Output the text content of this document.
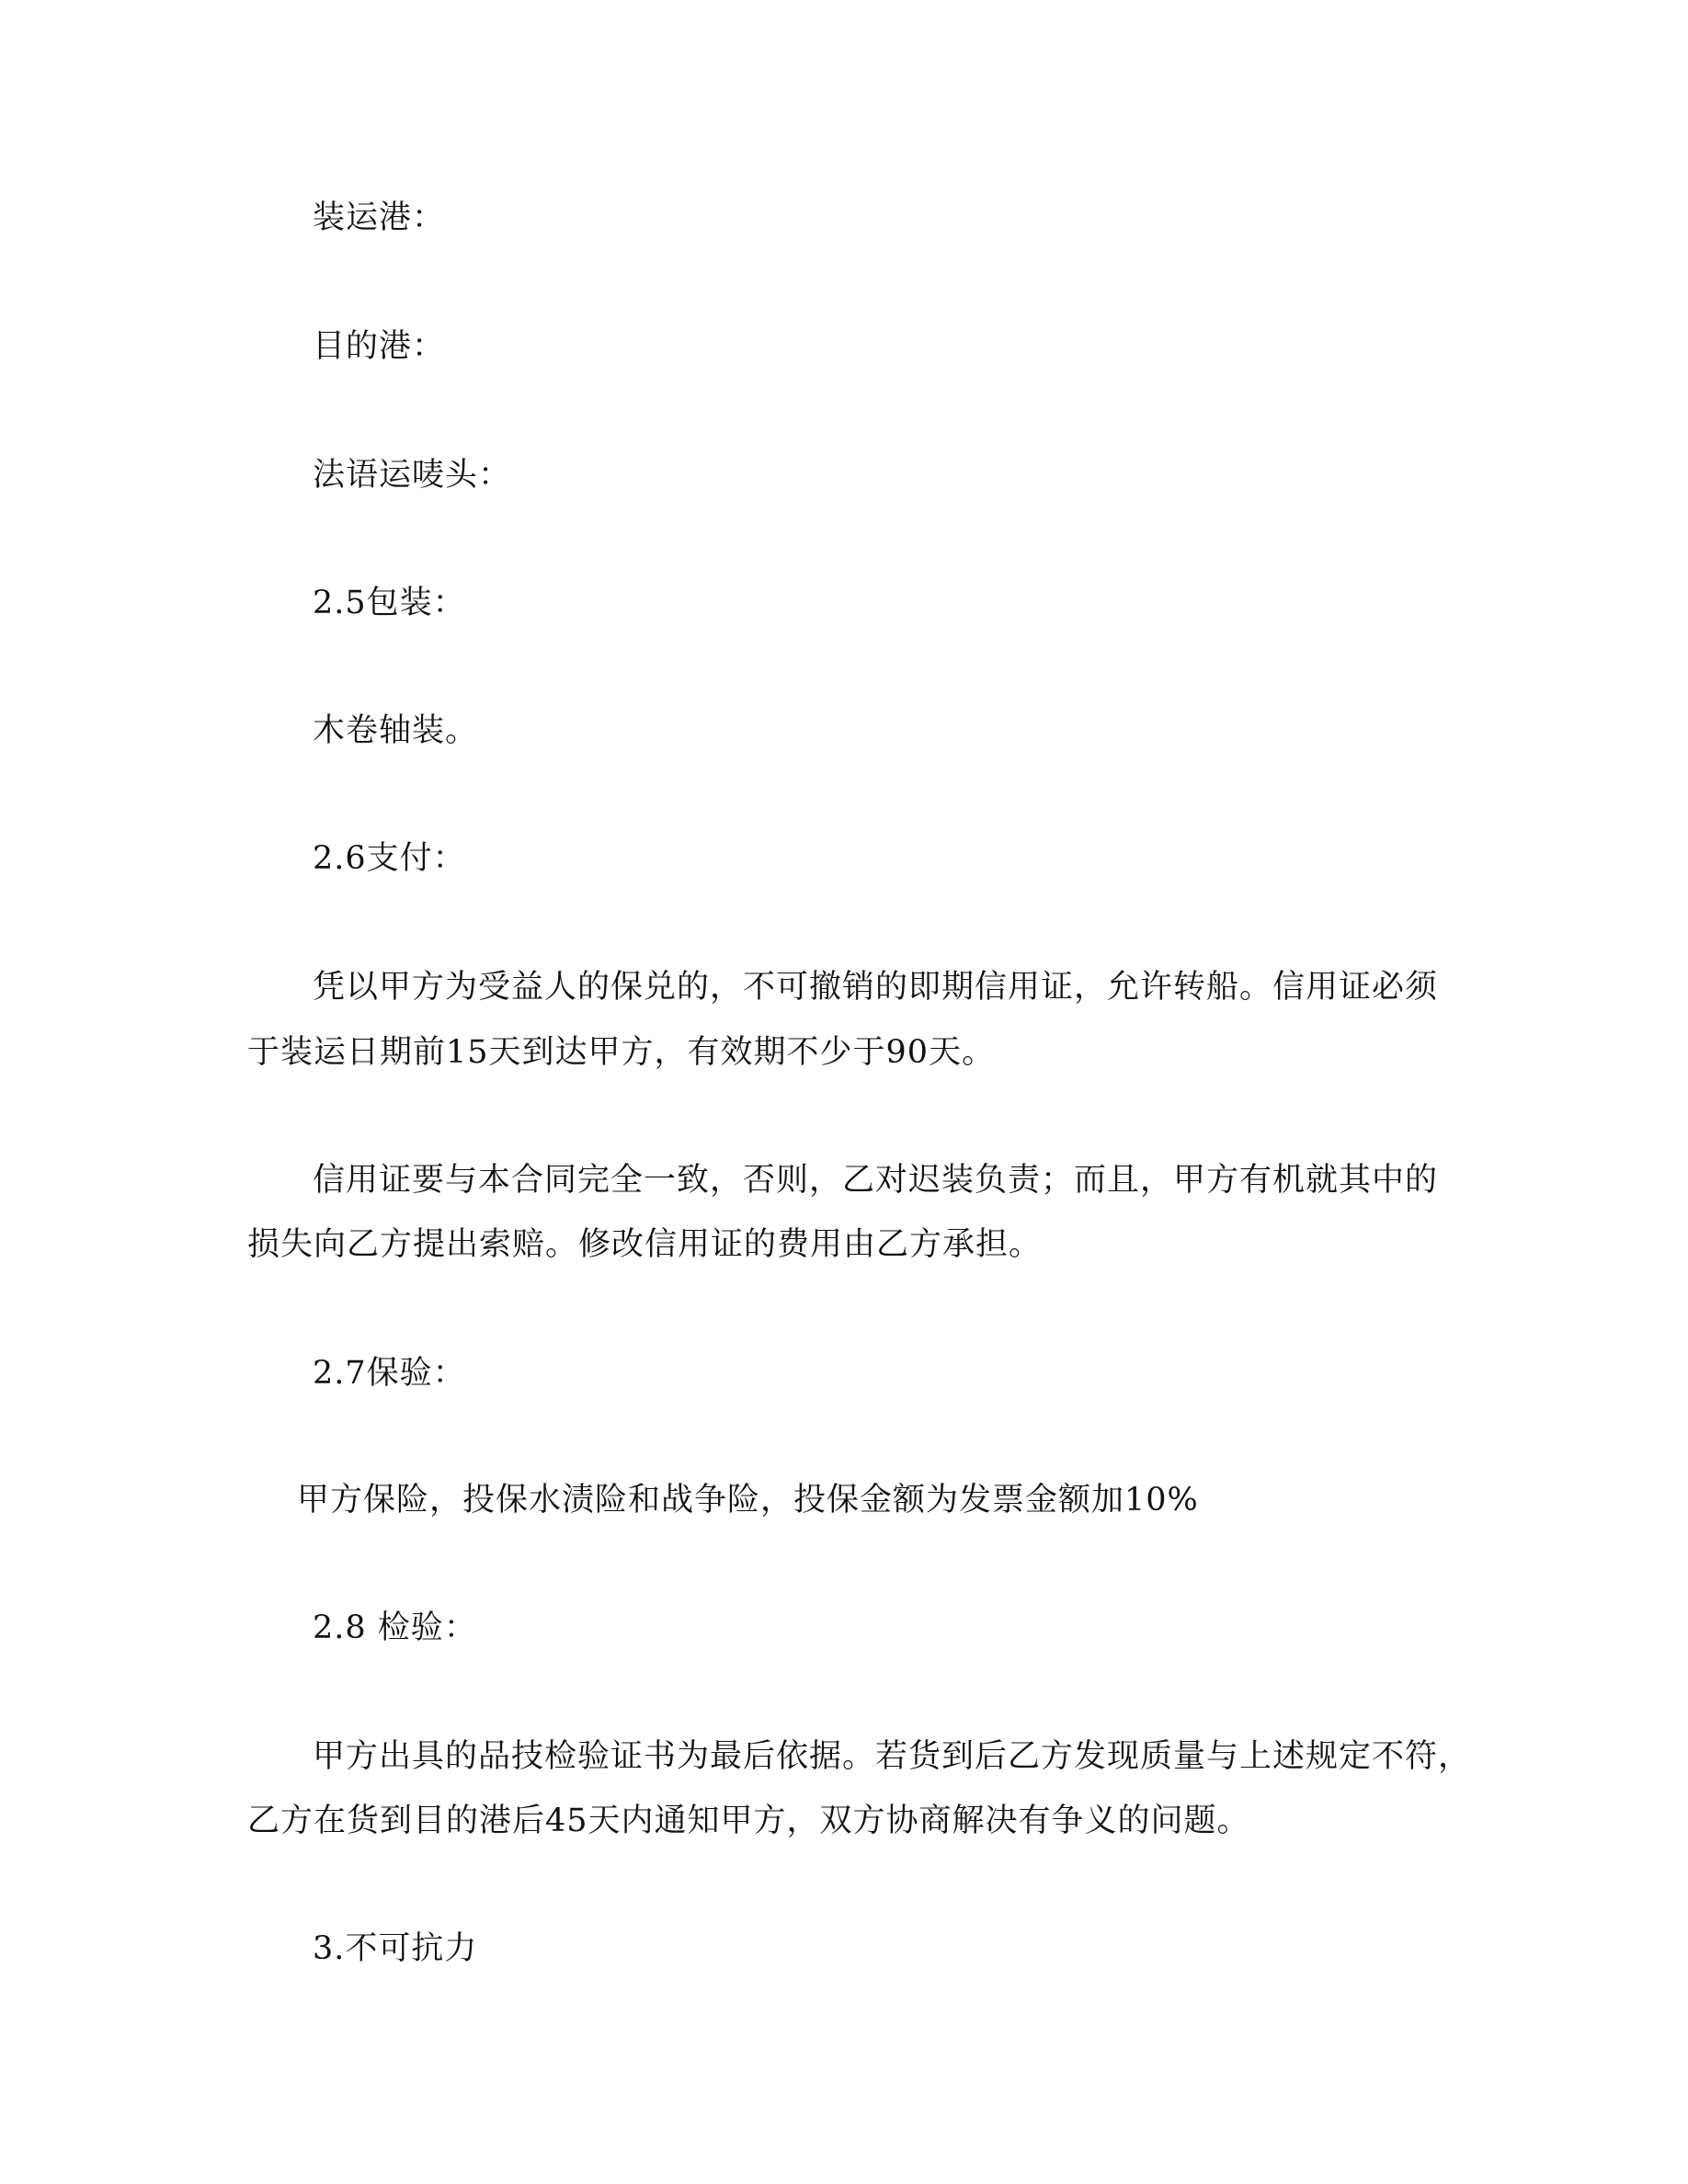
装运港：
目的港：
法语运唛头：
2.5包装：
木卷轴装。
2.6支付：
凭以甲方为受益人的保兑的，不可撤销的即期信用证，允许转船。信用证必须
于装运日期前15天到达甲方，有效期不少于90天。
信用证要与本合同完全一致，否则，乙对迟装负责；而且，甲方有机就其中的
损失向乙方提出索赔。修改信用证的费用由乙方承担。
2.7保验：
甲方保险，投保水渍险和战争险，投保金额为发票金额加10%
2.8 检验：
甲方出具的品技检验证书为最后依据。若货到后乙方发现质量与上述规定不符，
乙方在货到目的港后45天内通知甲方，双方协商解决有争义的问题。
3.不可抗力
